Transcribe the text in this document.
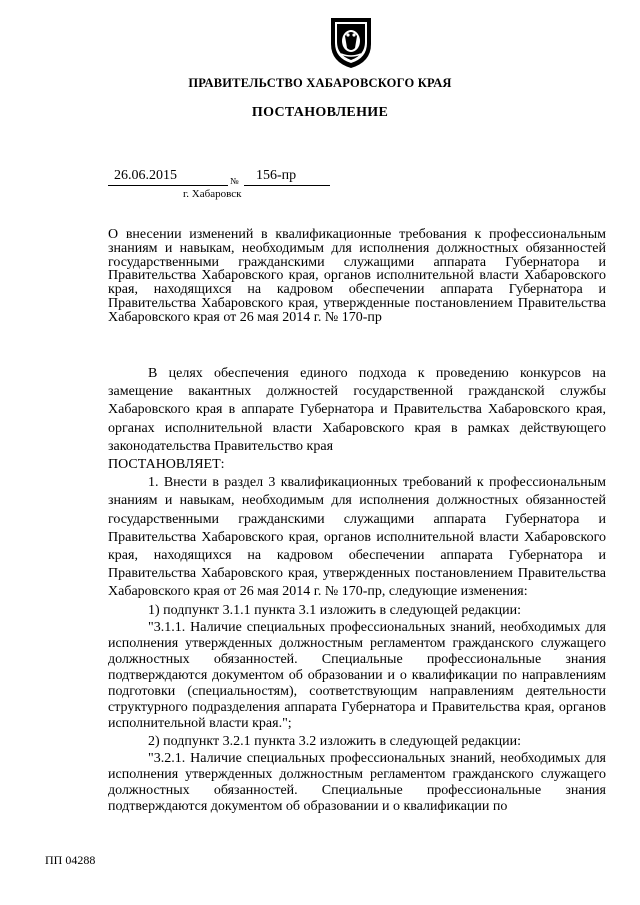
ПРАВИТЕЛЬСТВО ХАБАРОВСКОГО КРАЯ
ПОСТАНОВЛЕНИЕ
26.06.2015	№	156-пр
г. Хабаровск
О внесении изменений в квалификационные требования к профессиональным знаниям и навыкам, необходимым для исполнения должностных обязанностей государственными гражданскими служащими аппарата Губернатора и Правительства Хабаровского края, органов исполнительной власти Хабаровского края, находящихся на кадровом обеспечении аппарата Губернатора и Правительства Хабаровского края, утвержденные постановлением Правительства Хабаровского края от 26 мая 2014 г. № 170-пр

В целях обеспечения единого подхода к проведению конкурсов на замещение вакантных должностей государственной гражданской службы Хабаровского края в аппарате Губернатора и Правительства Хабаровского края, органах исполнительной власти Хабаровского края в рамках действующего законодательства Правительство края

ПОСТАНОВЛЯЕТ:

1. Внести в раздел 3 квалификационных требований к профессиональным знаниям и навыкам, необходимым для исполнения должностных обязанностей государственными гражданскими служащими аппарата Губернатора и Правительства Хабаровского края, органов исполнительной власти Хабаровского края, находящихся на кадровом обеспечении аппарата Губернатора и Правительства Хабаровского края, утвержденных постановлением Правительства Хабаровского края от 26 мая 2014 г. № 170-пр, следующие изменения:

1) подпункт 3.1.1 пункта 3.1 изложить в следующей редакции:

"3.1.1. Наличие специальных профессиональных знаний, необходимых для исполнения утвержденных должностным регламентом гражданского служащего должностных обязанностей. Специальные профессиональные знания подтверждаются документом об образовании и о квалификации по направлениям подготовки (специальностям), соответствующим направлениям деятельности структурного подразделения аппарата Губернатора и Правительства края, органов исполнительной власти края.";

2) подпункт 3.2.1 пункта 3.2 изложить в следующей редакции:

"3.2.1. Наличие специальных профессиональных знаний, необходимых для исполнения утвержденных должностным регламентом гражданского служащего должностных обязанностей. Специальные профессиональные знания подтверждаются документом об образовании и о квалификации по

ПП 04288
